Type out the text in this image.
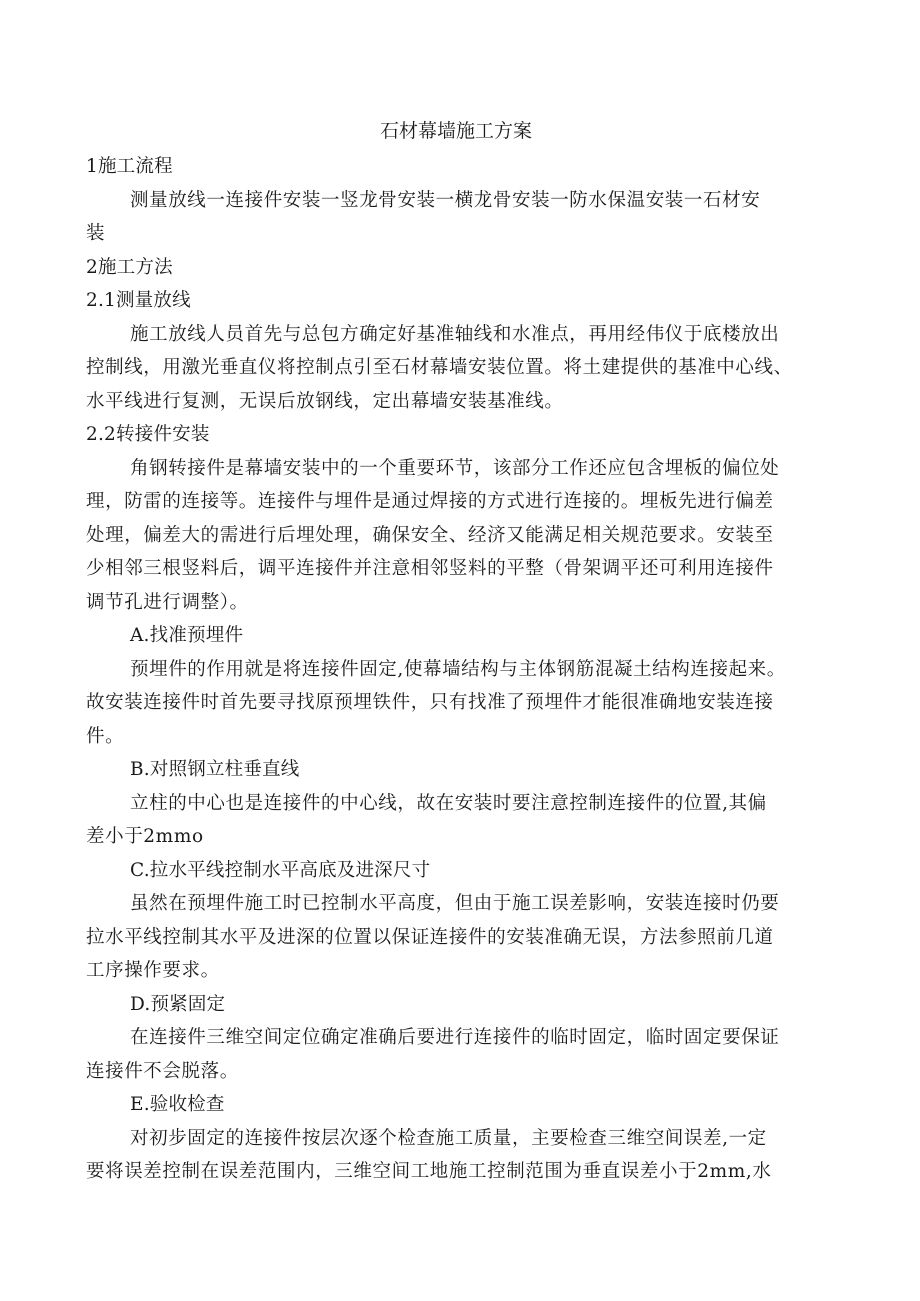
石材幕墙施工方案
1施工流程
测量放线一连接件安装一竖龙骨安装一横龙骨安装一防水保温安装一石材安
装
2施工方法
2.1测量放线
施工放线人员首先与总包方确定好基准轴线和水准点，再用经伟仪于底楼放出
控制线，用激光垂直仪将控制点引至石材幕墙安装位置。将土建提供的基准中心线、
水平线进行复测，无误后放钢线，定出幕墙安装基准线。
2.2转接件安装
角钢转接件是幕墙安装中的一个重要环节，该部分工作还应包含埋板的偏位处
理，防雷的连接等。连接件与埋件是通过焊接的方式进行连接的。埋板先进行偏差
处理，偏差大的需进行后埋处理，确保安全、经济又能满足相关规范要求。安装至
少相邻三根竖料后，调平连接件并注意相邻竖料的平整（骨架调平还可利用连接件
调节孔进行调整）。
A.找准预埋件
预埋件的作用就是将连接件固定,使幕墙结构与主体钢筋混凝土结构连接起来。
故安装连接件时首先要寻找原预埋铁件，只有找准了预埋件才能很准确地安装连接
件。
B.对照钢立柱垂直线
立柱的中心也是连接件的中心线，故在安装时要注意控制连接件的位置,其偏
差小于2mmo
C.拉水平线控制水平高底及进深尺寸
虽然在预埋件施工时已控制水平高度，但由于施工误差影响，安装连接时仍要
拉水平线控制其水平及进深的位置以保证连接件的安装准确无误，方法参照前几道
工序操作要求。
D.预紧固定
在连接件三维空间定位确定准确后要进行连接件的临时固定，临时固定要保证
连接件不会脱落。
E.验收检查
对初步固定的连接件按层次逐个检查施工质量，主要检查三维空间误差,一定
要将误差控制在误差范围内，三维空间工地施工控制范围为垂直误差小于2mm,水
